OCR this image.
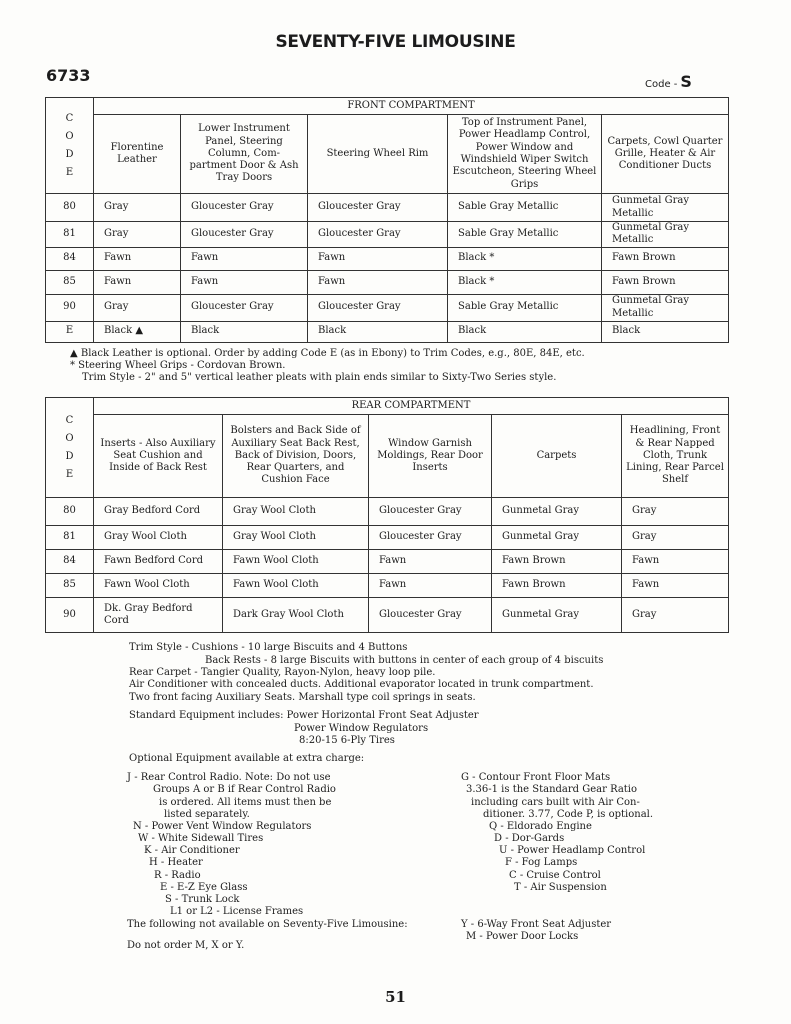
SEVENTY-FIVE LIMOUSINE
6733	Code - S
C
O
D
E	FRONT COMPARTMENT				
	Florentine Leather	Lower Instrument Panel, Steering Column, Com- partment Door & Ash Tray Doors	Steering Wheel Rim	Top of Instrument Panel, Power Headlamp Control, Power Window and Windshield Wiper Switch Escutcheon, Steering Wheel Grips	Carpets, Cowl Quarter Grille, Heater & Air Conditioner Ducts
80	Gray	Gloucester Gray	Gloucester Gray	Sable Gray Metallic	Gunmetal Gray Metallic
81	Gray	Gloucester Gray	Gloucester Gray	Sable Gray Metallic	Gunmetal Gray Metallic
84	Fawn	Fawn	Fawn	Black *	Fawn Brown
85	Fawn	Fawn	Fawn	Black *	Fawn Brown
90	Gray	Gloucester Gray	Gloucester Gray	Sable Gray Metallic	Gunmetal Gray Metallic
E	Black ▲	Black	Black	Black	Black
▲ Black Leather is optional. Order by adding Code E (as in Ebony) to Trim Codes, e.g., 80E, 84E, etc.
* Steering Wheel Grips - Cordovan Brown.
Trim Style - 2" and 5" vertical leather pleats with plain ends similar to Sixty-Two Series style.
C
O
D
E	REAR COMPARTMENT				
	Inserts - Also Auxiliary Seat Cushion and Inside of Back Rest	Bolsters and Back Side of Auxiliary Seat Back Rest, Back of Division, Doors, Rear Quarters, and Cushion Face	Window Garnish Moldings, Rear Door Inserts	Carpets	Headlining, Front & Rear Napped Cloth, Trunk Lining, Rear Parcel Shelf
80	Gray Bedford Cord	Gray Wool Cloth	Gloucester Gray	Gunmetal Gray	Gray
81	Gray Wool Cloth	Gray Wool Cloth	Gloucester Gray	Gunmetal Gray	Gray
84	Fawn Bedford Cord	Fawn Wool Cloth	Fawn	Fawn Brown	Fawn
85	Fawn Wool Cloth	Fawn Wool Cloth	Fawn	Fawn Brown	Fawn
90	Dk. Gray Bedford Cord	Dark Gray Wool Cloth	Gloucester Gray	Gunmetal Gray	Gray
Trim Style - Cushions - 10 large Biscuits and 4 Buttons
Back Rests - 8 large Biscuits with buttons in center of each group of 4 biscuits
Rear Carpet - Tangier Quality, Rayon-Nylon, heavy loop pile.
Air Conditioner with concealed ducts. Additional evaporator located in trunk compartment.
Two front facing Auxiliary Seats. Marshall type coil springs in seats.
Standard Equipment includes: Power Horizontal Front Seat Adjuster
Power Window Regulators
8:20-15 6-Ply Tires
Optional Equipment available at extra charge:
J - Rear Control Radio. Note: Do not use
Groups A or B if Rear Control Radio
is ordered. All items must then be
listed separately.
N - Power Vent Window Regulators
W - White Sidewall Tires
K - Air Conditioner
H - Heater
R - Radio
E - E-Z Eye Glass
S - Trunk Lock
L1 or L2 - License Frames
The following not available on Seventy-Five Limousine:
Do not order M, X or Y.
G - Contour Front Floor Mats
3.36-1 is the Standard Gear Ratio
including cars built with Air Con-
ditioner. 3.77, Code P, is optional.
Q - Eldorado Engine
D - Dor-Gards
U - Power Headlamp Control
F - Fog Lamps
C - Cruise Control
T - Air Suspension
Y - 6-Way Front Seat Adjuster
M - Power Door Locks
51
